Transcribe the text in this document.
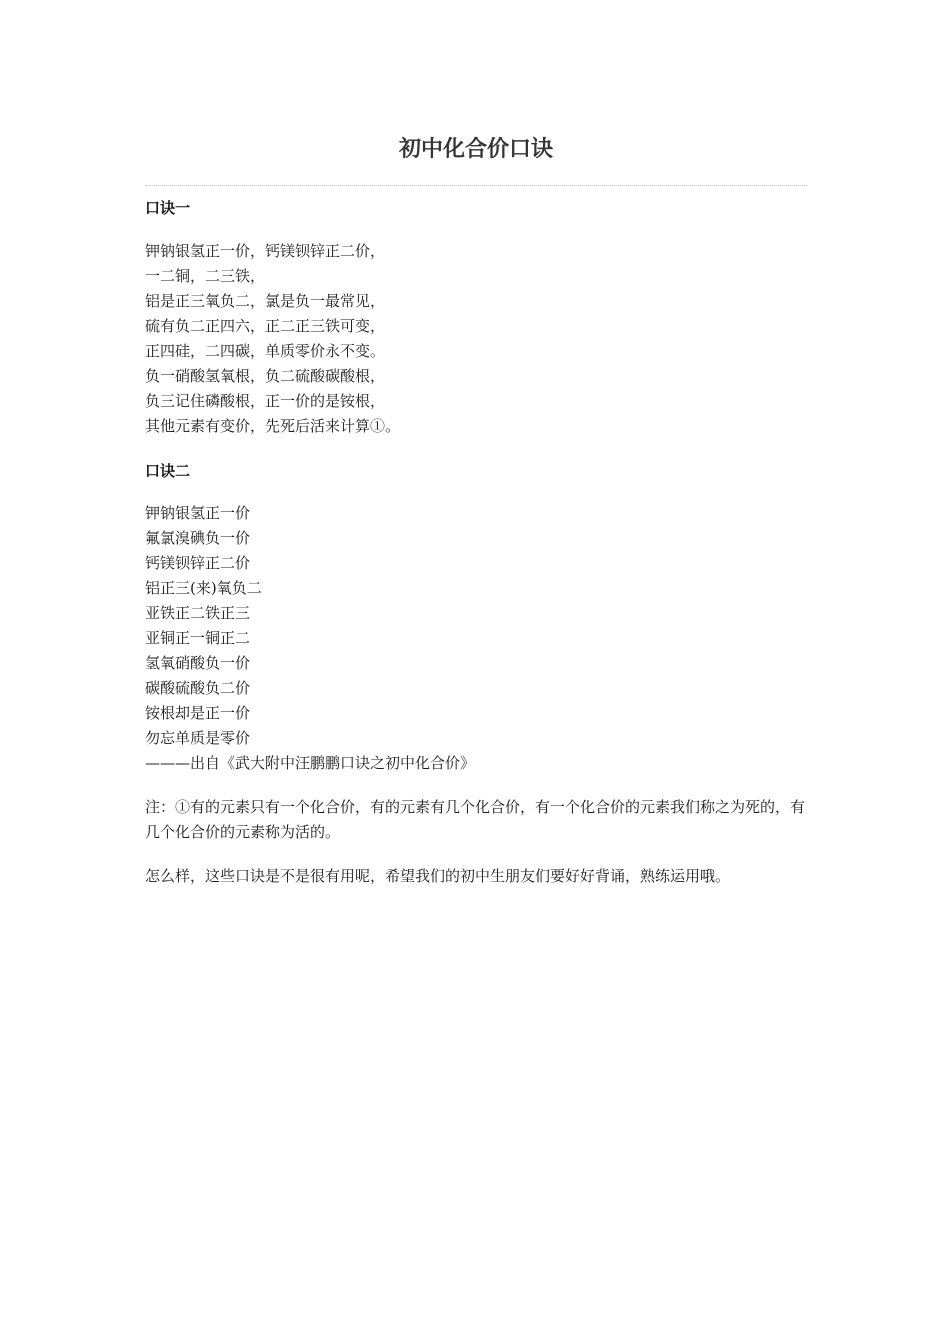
初中化合价口诀
口诀一
钾钠银氢正一价，钙镁钡锌正二价，
一二铜，二三铁，
铝是正三氧负二，氯是负一最常见，
硫有负二正四六，正二正三铁可变，
正四硅，二四碳，单质零价永不变。
负一硝酸氢氧根，负二硫酸碳酸根，
负三记住磷酸根，正一价的是铵根，
其他元素有变价，先死后活来计算①。
口诀二
钾钠银氢正一价
氟氯溴碘负一价
钙镁钡锌正二价
铝正三(来)氧负二
亚铁正二铁正三
亚铜正一铜正二
氢氧硝酸负一价
碳酸硫酸负二价
铵根却是正一价
勿忘单质是零价
———出自《武大附中汪鹏鹏口诀之初中化合价》
注：①有的元素只有一个化合价，有的元素有几个化合价，有一个化合价的元素我们称之为死的，有几个化合价的元素称为活的。
怎么样，这些口诀是不是很有用呢，希望我们的初中生朋友们要好好背诵，熟练运用哦。
